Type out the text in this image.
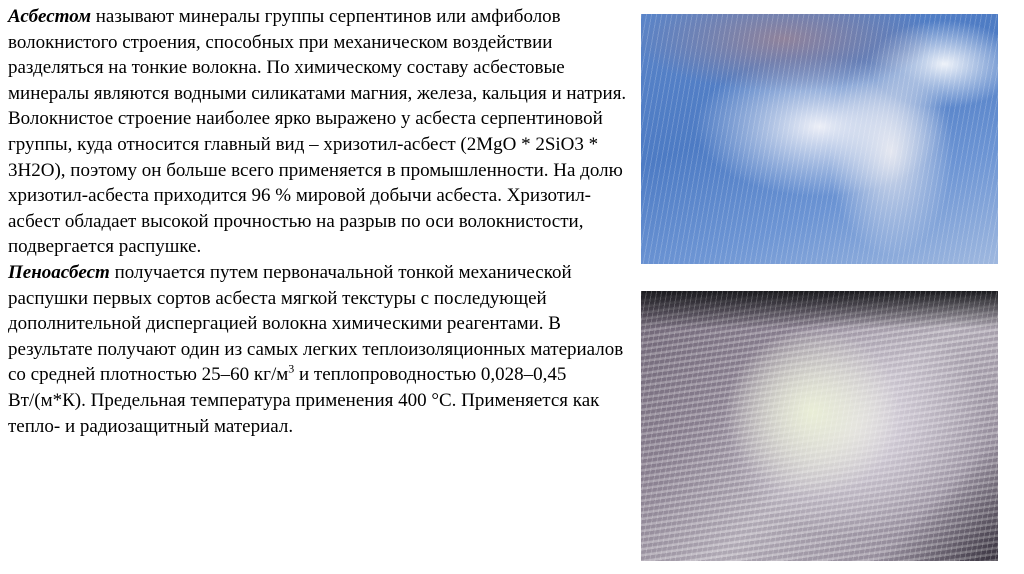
Асбестом называют минералы группы серпентинов или амфиболов волокнистого строения, способных при механическом воздействии разделяться на тонкие волокна. По химическому составу асбестовые минералы являются водными силикатами магния, железа, кальция и натрия. Волокнистое строение наиболее ярко выражено у асбеста серпентиновой группы, куда относится главный вид – хризотил-асбест (2MgO * 2SiO3 * 3H2O), поэтому он больше всего применяется в промышленности. На долю хризотил-асбеста приходится 96 % мировой добычи асбеста. Хризотил-асбест обладает высокой прочностью на разрыв по оси волокнистости, подвергается распушке.

Пеноасбест получается путем первоначальной тонкой механической распушки первых сортов асбеста мягкой текстуры с последующей дополнительной диспергацией волокна химическими реагентами. В результате получают один из самых легких теплоизоляционных материалов со средней плотностью 25–60 $кг/м^3$ и теплопроводностью 0,028–0,45 Вт/(м*К). Предельная температура применения 400 °С. Применяется как тепло- и радиозащитный материал.
